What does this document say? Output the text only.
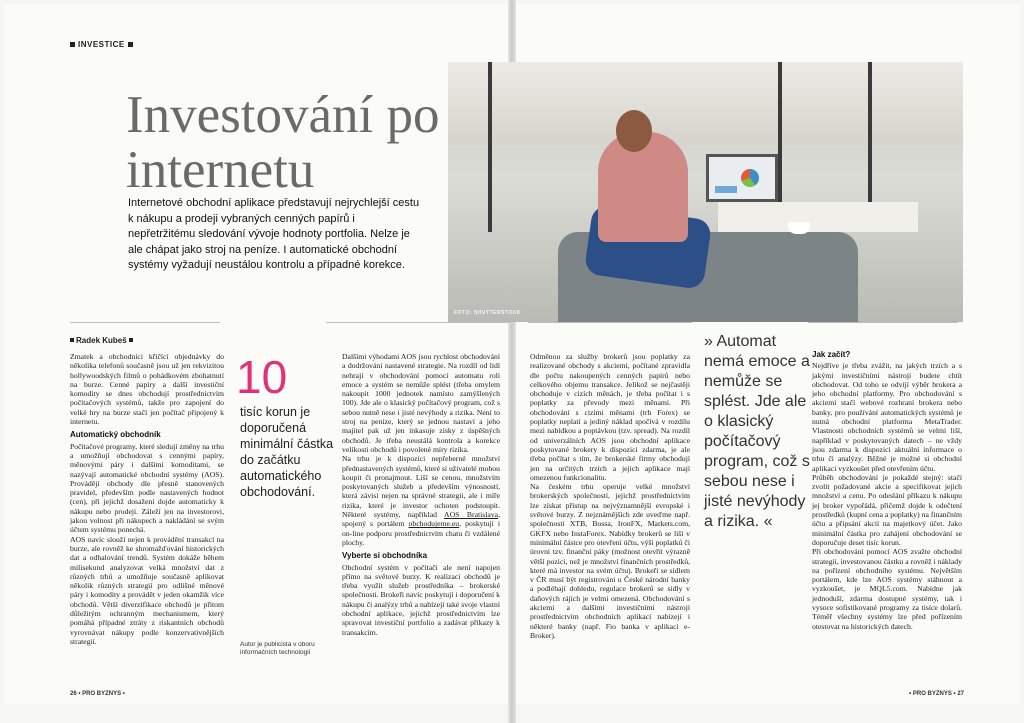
INVESTICE
Investování po internetu

Internetové obchodní aplikace představují nejrychlejší cestu k nákupu a prodeji vybraných cenných papírů i nepřetržitému sledování vývoje hodnoty portfolia. Nelze je ale chápat jako stroj na peníze. I automatické obchodní systémy vyžadují neustálou kontrolu a případné korekce.

FOTO: SHUTTERSTOCK
Radek Kubeš

Zmatek a obchodníci křičící objednávky do několika telefonů současně jsou už jen rekvizitou hollywoodských filmů o pohádkovém zbohatnutí na burze. Cenné papíry a další investiční komodity se dnes obchodují prostřednictvím počítačových systémů, takže pro zapojení do velké hry na burze stačí jen počítač připojený k internetu.

Automatický obchodník

Počítačové programy, které sledují změny na trhu a umožňují obchodovat s cennými papíry, měnovými páry i dalšími komoditami, se nazývají automatické obchodní systémy (AOS). Provádějí obchody dle přesně stanovených pravidel, především podle nastavených hodnot (cen), při jejichž dosažení dojde automaticky k nákupu nebo prodeji. Záleží jen na investorovi, jakou volnost při nákupech a nakládání se svým účtem systému ponechá.

AOS navíc slouží nejen k provádění transakcí na burze, ale rovněž ke shromažďování historických dat a odhalování trendů. Systém dokáže během milisekund analyzovat velká množství dat z různých trhů a umožňuje současně aplikovat několik různých strategií pro odlišné měnové páry i komodity a provádět v jeden okamžik více obchodů. Větší diverzifikace obchodů je přitom důležitým ochranným mechanismem, který pomáhá případné ztráty z riskantních obchodů vyrovnávat nákupy podle konzervativnějších strategií.

10
tisíc korun je doporučená minimální částka do začátku automatického obchodování.
Autor je publicista v oboru informačních technologií

Dalšími výhodami AOS jsou rychlost obchodování a dodržování nastavené strategie. Na rozdíl od lidí nehrají v obchodování pomocí automatu roli emoce a systém se nemůže splést (třeba omylem nakoupit 1000 jednotek namísto zamýšlených 100). Jde ale o klasický počítačový program, což s sebou nutně nese i jisté nevýhody a rizika. Není to stroj na peníze, který se jednou nastaví a jeho majitel pak už jen inkasuje zisky z úspěšných obchodů. Je třeba neustálá kontrola a korekce velikosti obchodů i povolené míry rizika.

Na trhu je k dispozici nepřeberné množství přednastavených systémů, které si uživatelé mohou koupit či pronajmout. Liší se cenou, množstvím poskytovaných služeb a především výnosností, která závisí nejen na správné strategii, ale i míře rizika, které je investor ochoten podstoupit. Některé systémy, například AOS Bratislava, spojený s portálem obchodujeme.eu, poskytují i on-line podporu prostřednictvím chatu či vzdálené plochy.

Vyberte si obchodníka

Obchodní systém v počítači ale není napojen přímo na světové burzy. K realizaci obchodů je třeba využít služeb prostředníka – brokerské společnosti. Brokeři navíc poskytují i doporučení k nákupu či analýzy trhů a nabízejí také svoje vlastní obchodní aplikace, jejichž prostřednictvím lze spravovat investiční portfolio a zadávat příkazy k transakcím.

Odměnou za služby brokerů jsou poplatky za realizované obchody s akciemi, počítané zpravidla dle počtu nakoupených cenných papírů nebo celkového objemu transakce. Jelikož se nejčastěji obchoduje v cizích měnách, je třeba počítat i s poplatky za převody mezi měnami. Při obchodování s cizími měnami (trh Forex) se poplatky neplatí a jediný náklad spočívá v rozdílu mezi nabídkou a poptávkou (tzv. spread). Na rozdíl od univerzálních AOS jsou obchodní aplikace poskytované brokery k dispozici zdarma, je ale třeba počítat s tím, že brokerské firmy obchodují jen na určitých trzích a jejich aplikace mají omezenou funkcionalitu.

Na českém trhu operuje velké množství brokerských společností, jejichž prostředníctvím lze získat přístup na nejvýznamnější evropské i světové burzy. Z nejznámějších zde uveďme např. společnosti XTB, Bossa, IronFX, Markets.com, GKFX nebo InstaForex. Nabídky brokerů se liší v minimální částce pro otevření účtu, výši poplatků či úrovni tzv. finanční páky (možnost otevřít výrazně větší pozici, než je množství finančních prostředků, které má investor na svém účtu). Brokeři se sídlem v ČR musí být registrováni u České národní banky a podléhají dohledu, regulace brokerů se sídly v daňových rájích je velmi omezená. Obchodování s akciemi a dalšími investičními nástroji prostřednictvím obchodních aplikací nabízejí i některé banky (např. Fio banka v aplikaci e-Broker).

» Automat nemá emoce a nemůže se splést. Jde ale o klasický počítačový program, což s sebou nese i jisté nevýhody a rizika. «
Jak začít?

Nejdříve je třeba zvážit, na jakých trzích a s jakými investičními nástroji budete chtít obchodovat. Od toho se odvíjí výběr brokera a jeho obchodní platformy. Pro obchodování s akciemi stačí webové rozhraní brokera nebo banky, pro používání automatických systémů je nutná obchodní platforma MetaTrader. Vlastnosti obchodních systémů se velmi liší, například v poskytovaných datech – ne vždy jsou zdarma k dispozici aktuální informace o trhu či analýzy. Běžné je možné si obchodní aplikaci vyzkoušet před otevřením účtu.

Průběh obchodování je pokaždé stejný: stačí zvolit požadované akcie a specifikovat jejich množství a cenu. Po odeslání příkazu k nákupu jej broker vypořádá, přičemž dojde k odečtení prostředků (kupní cena a poplatky) na finančním účtu a připsání akcií na majetkový účet. Jako minimální částka pro zahájení obchodování se doporučuje deset tisíc korun.

Při obchodování pomocí AOS zvažte obchodní strategii, investovanou částku a rovněž i náklady na pořízení obchodního systému. Největším portálem, kde lze AOS systémy stáhnout a vyzkoušet, je MQL5.com. Nabídne jak jednoduší, zdarma dostupné systémy, tak i vysoce sofistikované programy za tisíce dolarů. Téměř všechny systémy lze před pořízením otestovat na historických datech.

26 • PRO BYZNYS •	• PRO BYZNYS • 27
